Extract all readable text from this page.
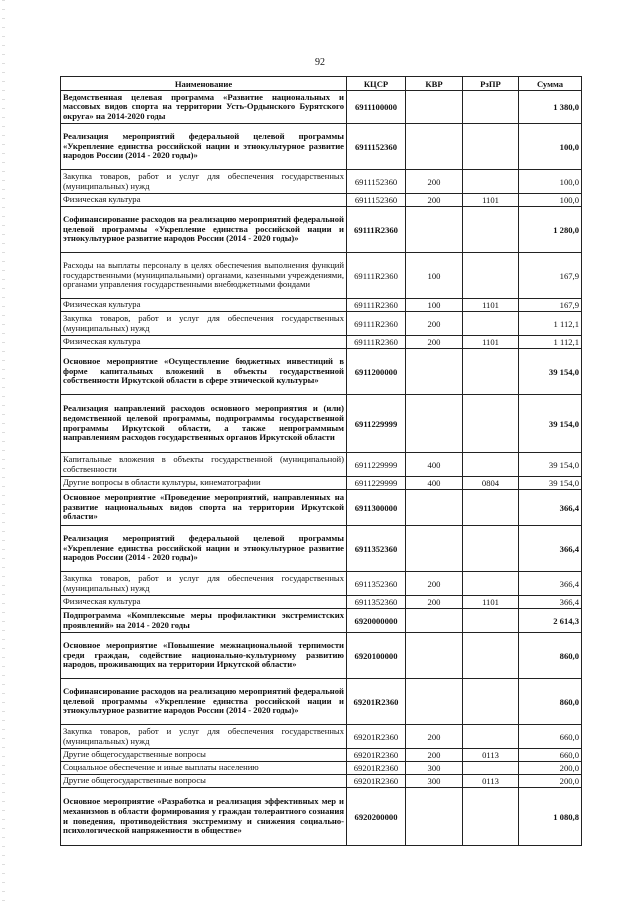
92
Наименование	КЦСР	КВР	РзПР	Сумма
Ведомственная целевая программа «Развитие национальных и массовых видов спорта на территории Усть-Ордынского Бурятского округа» на 2014-2020 годы	6911100000			1 380,0
Реализация мероприятий федеральной целевой программы «Укрепление единства российской нации и этнокультурное развитие народов России (2014 - 2020 годы)»	6911152360			100,0
Закупка товаров, работ и услуг для обеспечения государственных (муниципальных) нужд	6911152360	200		100,0
Физическая культура	6911152360	200	1101	100,0
Софинансирование расходов на реализацию мероприятий федеральной целевой программы «Укрепление единства российской нации и этнокультурное развитие народов России (2014 - 2020 годы)»	69111R2360			1 280,0
Расходы на выплаты персоналу в целях обеспечения выполнения функций государственными (муниципальными) органами, казенными учреждениями, органами управления государственными внебюджетными фондами	69111R2360	100		167,9
Физическая культура	69111R2360	100	1101	167,9
Закупка товаров, работ и услуг для обеспечения государственных (муниципальных) нужд	69111R2360	200		1 112,1
Физическая культура	69111R2360	200	1101	1 112,1
Основное мероприятие «Осуществление бюджетных инвестиций в форме капитальных вложений в объекты государственной собственности Иркутской области в сфере этнической культуры»	6911200000			39 154,0
Реализация направлений расходов основного мероприятия и (или) ведомственной целевой программы, подпрограммы государственной программы Иркутской области, а также непрограммным направлениям расходов государственных органов Иркутской области	6911229999			39 154,0
Капитальные вложения в объекты государственной (муниципальной) собственности	6911229999	400		39 154,0
Другие вопросы в области культуры, кинематографии	6911229999	400	0804	39 154,0
Основное мероприятие «Проведение мероприятий, направленных на развитие национальных видов спорта на территории Иркутской области»	6911300000			366,4
Реализация мероприятий федеральной целевой программы «Укрепление единства российской нации и этнокультурное развитие народов России (2014 - 2020 годы)»	6911352360			366,4
Закупка товаров, работ и услуг для обеспечения государственных (муниципальных) нужд	6911352360	200		366,4
Физическая культура	6911352360	200	1101	366,4
Подпрограмма «Комплексные меры профилактики экстремистских проявлений» на 2014 - 2020 годы	6920000000			2 614,3
Основное мероприятие «Повышение межнациональной терпимости среди граждан, содействие национально-культурному развитию народов, проживающих на территории Иркутской области»	6920100000			860,0
Софинансирование расходов на реализацию мероприятий федеральной целевой программы «Укрепление единства российской нации и этнокультурное развитие народов России (2014 - 2020 годы)»	69201R2360			860,0
Закупка товаров, работ и услуг для обеспечения государственных (муниципальных) нужд	69201R2360	200		660,0
Другие общегосударственные вопросы	69201R2360	200	0113	660,0
Социальное обеспечение и иные выплаты населению	69201R2360	300		200,0
Другие общегосударственные вопросы	69201R2360	300	0113	200,0
Основное мероприятие «Разработка и реализация эффективных мер и механизмов в области формирования у граждан толерантного сознания и поведения, противодействия экстремизму и снижения социально-психологической напряженности в обществе»	6920200000			1 080,8
